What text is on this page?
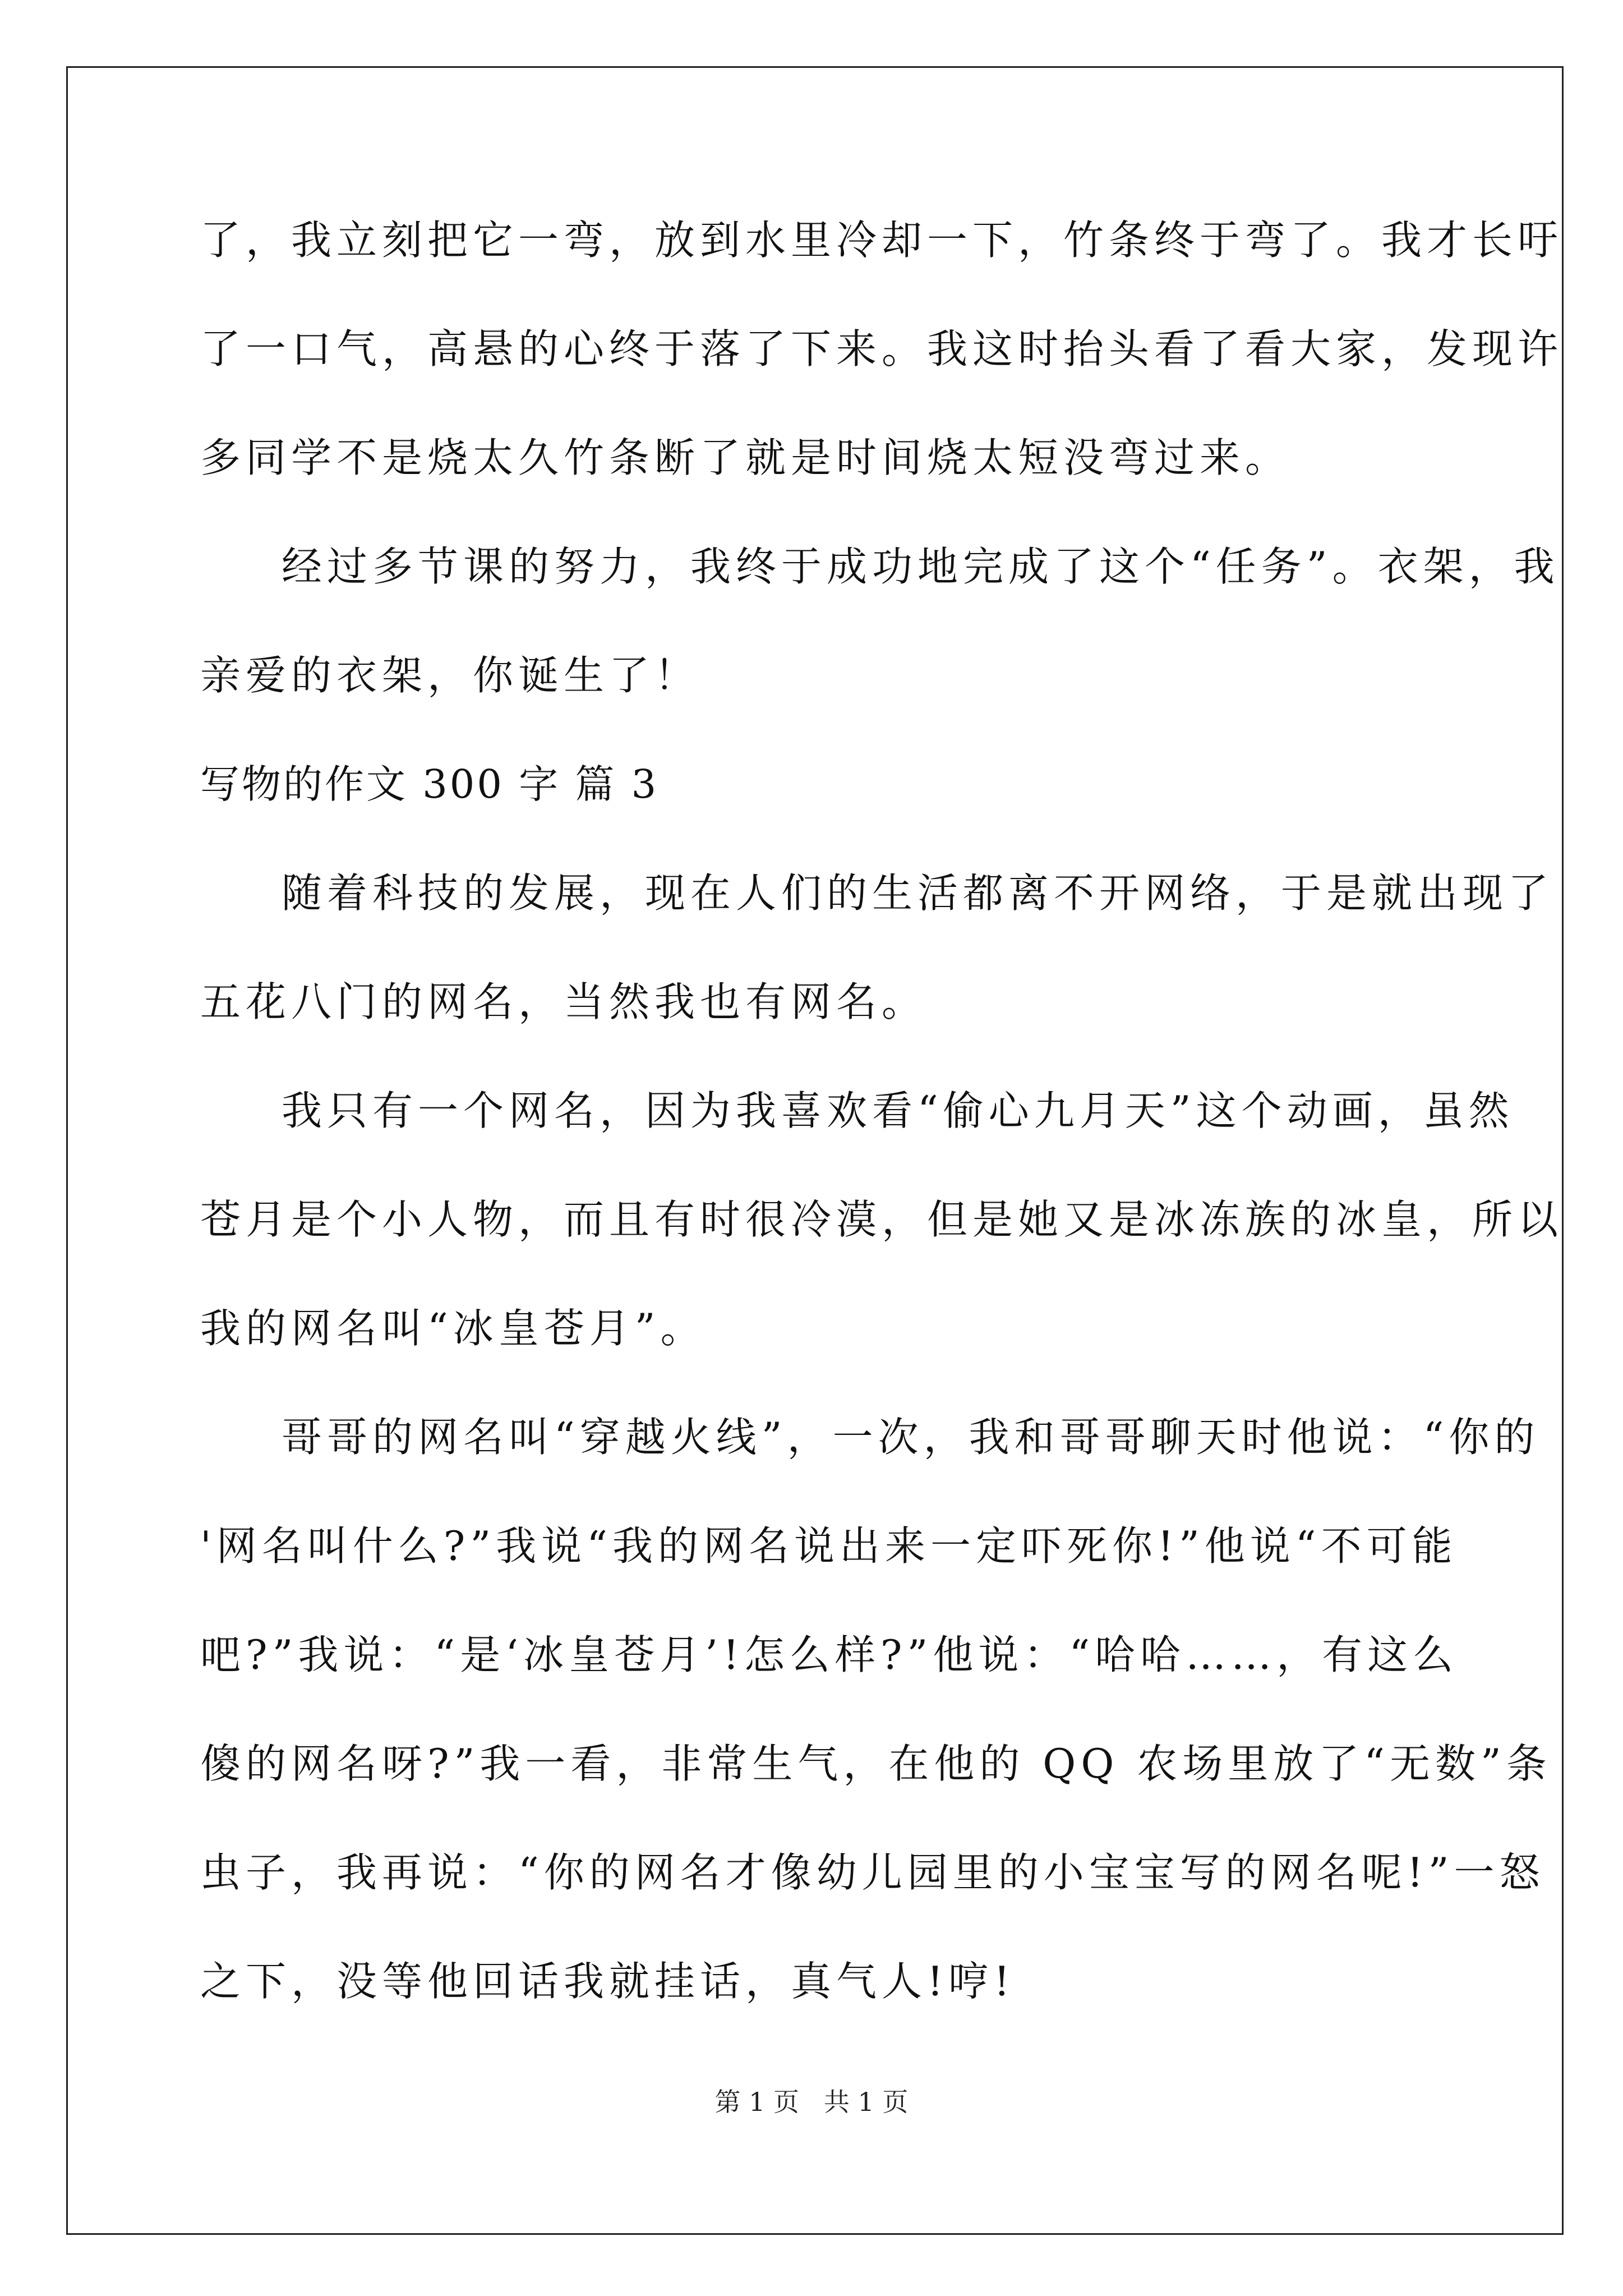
了，我立刻把它一弯，放到水里冷却一下，竹条终于弯了。我才长吁

了一口气，高悬的心终于落了下来。我这时抬头看了看大家，发现许

多同学不是烧太久竹条断了就是时间烧太短没弯过来。

经过多节课的努力，我终于成功地完成了这个“任务”。衣架，我

亲爱的衣架，你诞生了！

写物的作文 300 字 篇 3

随着科技的发展，现在人们的生活都离不开网络，于是就出现了

五花八门的网名，当然我也有网名。

我只有一个网名，因为我喜欢看“偷心九月天”这个动画，虽然

苍月是个小人物，而且有时很冷漠，但是她又是冰冻族的冰皇，所以

我的网名叫“冰皇苍月”。

哥哥的网名叫“穿越火线”，一次，我和哥哥聊天时他说：“你的

'网名叫什么?”我说“我的网名说出来一定吓死你!”他说“不可能

吧?”我说：“是‘冰皇苍月’!怎么样?”他说：“哈哈……，有这么

傻的网名呀?”我一看，非常生气，在他的 QQ 农场里放了“无数”条

虫子，我再说：“你的网名才像幼儿园里的小宝宝写的网名呢!”一怒

之下，没等他回话我就挂话，真气人!哼!

第 1 页   共 1 页
